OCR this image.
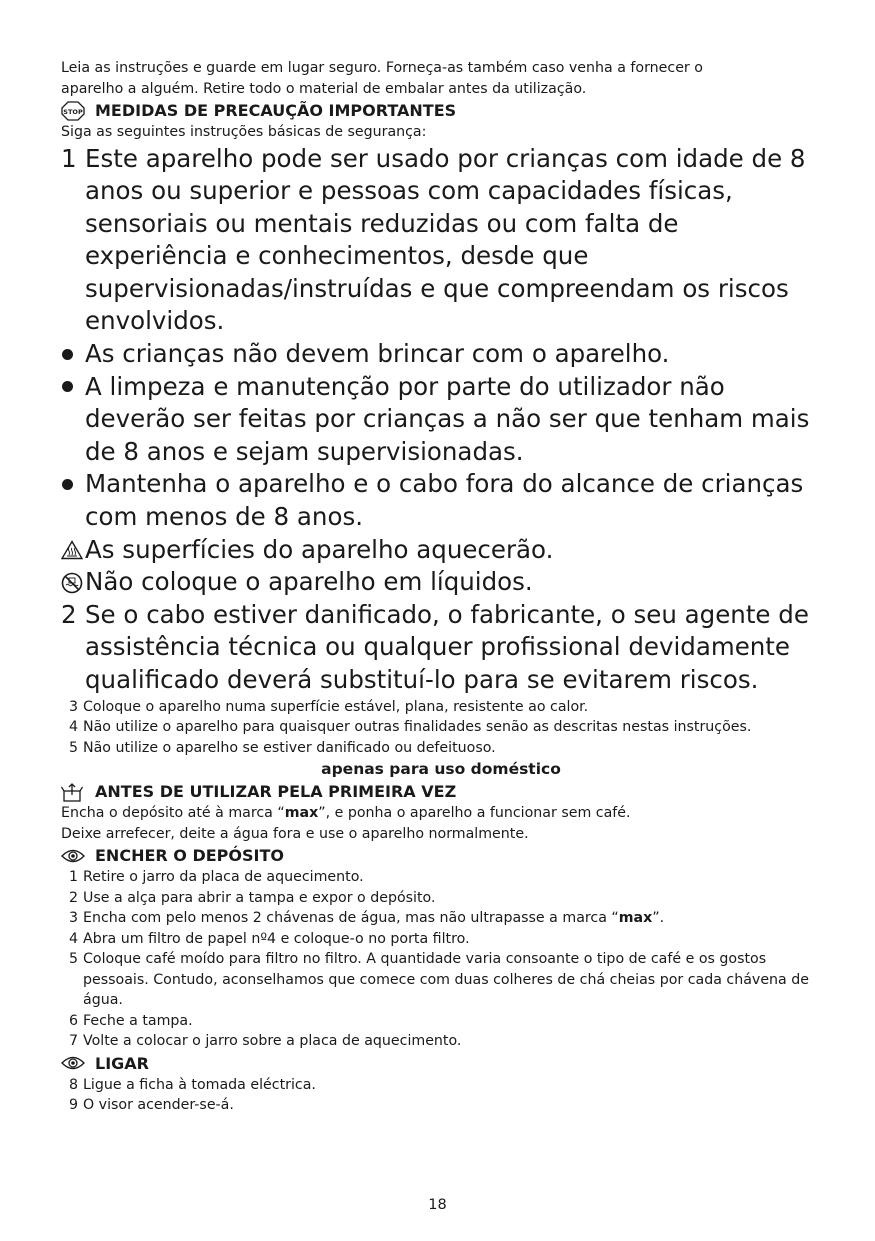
Leia as instruções e guarde em lugar seguro. Forneça-as também caso venha a fornecer o

aparelho a alguém. Retire todo o material de embalar antes da utilização.

STOP MEDIDAS DE PRECAUÇÃO IMPORTANTES

Siga as seguintes instruções básicas de segurança:

1 Este aparelho pode ser usado por crianças com idade de 8 anos ou superior e pessoas com capacidades físicas, sensoriais ou mentais reduzidas ou com falta de experiência e conhecimentos, desde que supervisionadas/instruídas e que compreendam os riscos envolvidos.
As crianças não devem brincar com o aparelho.
A limpeza e manutenção por parte do utilizador não deverão ser feitas por crianças a não ser que tenham mais de 8 anos e sejam supervisionadas.
Mantenha o aparelho e o cabo fora do alcance de crianças com menos de 8 anos.
As superfícies do aparelho aquecerão.
Não coloque o aparelho em líquidos.
2 Se o cabo estiver danificado, o fabricante, o seu agente de assistência técnica ou qualquer profissional devidamente qualificado deverá substituí-lo para se evitarem riscos.
3 Coloque o aparelho numa superfície estável, plana, resistente ao calor.
4 Não utilize o aparelho para quaisquer outras finalidades senão as descritas nestas instruções.
5 Não utilize o aparelho se estiver danificado ou defeituoso.

apenas para uso doméstico

ANTES DE UTILIZAR PELA PRIMEIRA VEZ

Encha o depósito até à marca “max”, e ponha o aparelho a funcionar sem café.

Deixe arrefecer, deite a água fora e use o aparelho normalmente.

ENCHER O DEPÓSITO
1 Retire o jarro da placa de aquecimento.
2 Use a alça para abrir a tampa e expor o depósito.
3 Encha com pelo menos 2 chávenas de água, mas não ultrapasse a marca “max”.
4 Abra um filtro de papel nº4 e coloque-o no porta filtro.
5 Coloque café moído para filtro no filtro. A quantidade varia consoante o tipo de café e os gostos pessoais. Contudo, aconselhamos que comece com duas colheres de chá cheias por cada chávena de água.
6 Feche a tampa.
7 Volte a colocar o jarro sobre a placa de aquecimento.
LIGAR
8 Ligue a ficha à tomada eléctrica.
9 O visor acender-se-á.
18
